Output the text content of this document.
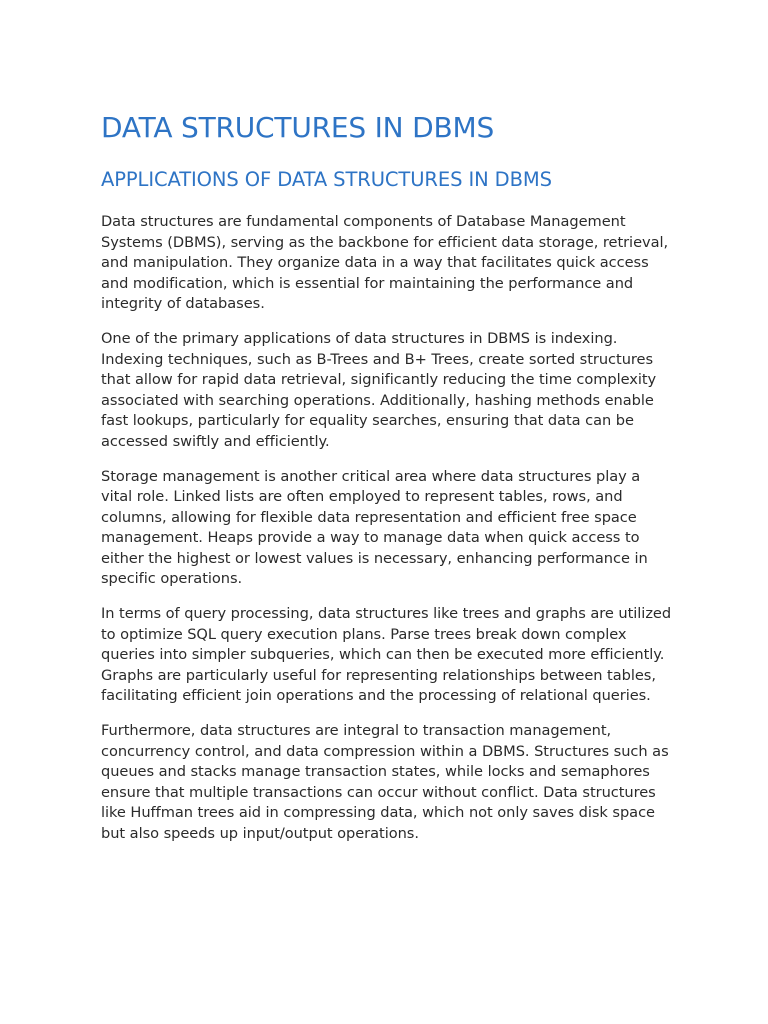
DATA STRUCTURES IN DBMS
APPLICATIONS OF DATA STRUCTURES IN DBMS

Data structures are fundamental components of Database Management Systems (DBMS), serving as the backbone for efficient data storage, retrieval, and manipulation. They organize data in a way that facilitates quick access and modification, which is essential for maintaining the performance and integrity of databases.

One of the primary applications of data structures in DBMS is indexing. Indexing techniques, such as B-Trees and B+ Trees, create sorted structures that allow for rapid data retrieval, significantly reducing the time complexity associated with searching operations. Additionally, hashing methods enable fast lookups, particularly for equality searches, ensuring that data can be accessed swiftly and efficiently.

Storage management is another critical area where data structures play a vital role. Linked lists are often employed to represent tables, rows, and columns, allowing for flexible data representation and efficient free space management. Heaps provide a way to manage data when quick access to either the highest or lowest values is necessary, enhancing performance in specific operations.

In terms of query processing, data structures like trees and graphs are utilized to optimize SQL query execution plans. Parse trees break down complex queries into simpler subqueries, which can then be executed more efficiently. Graphs are particularly useful for representing relationships between tables, facilitating efficient join operations and the processing of relational queries.

Furthermore, data structures are integral to transaction management, concurrency control, and data compression within a DBMS. Structures such as queues and stacks manage transaction states, while locks and semaphores ensure that multiple transactions can occur without conflict. Data structures like Huffman trees aid in compressing data, which not only saves disk space but also speeds up input/output operations.
